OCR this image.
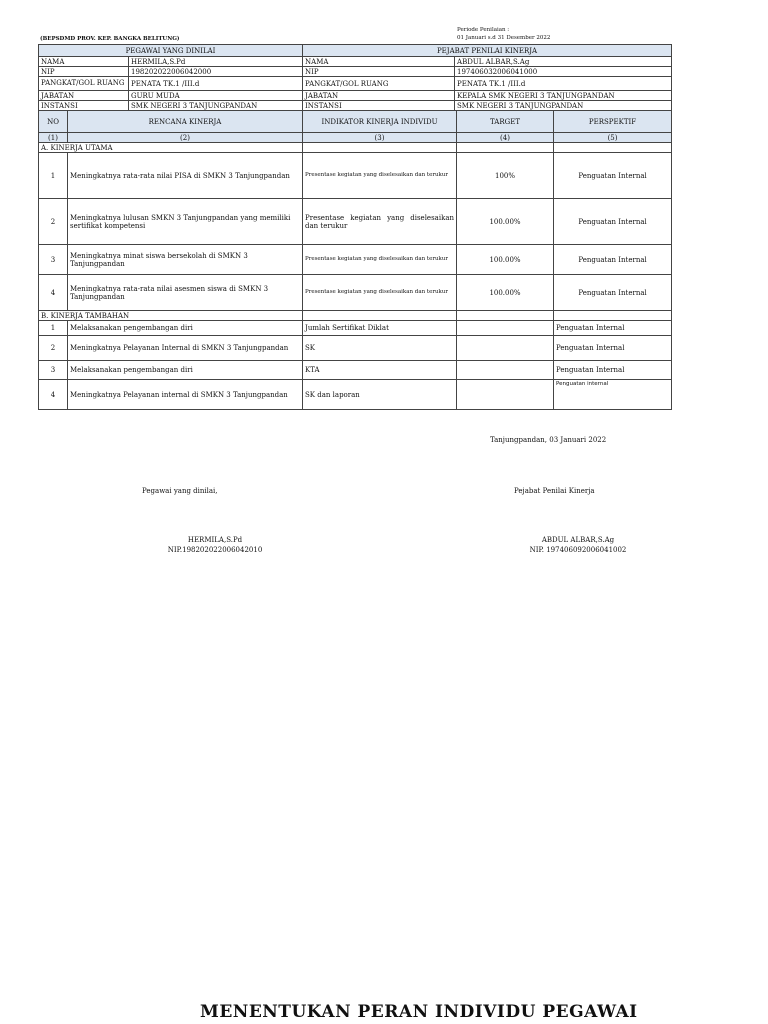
(BEPSDMD PROV. KEP. BANGKA BELITUNG)
Periode Penilaian :
01 Januari s.d 31 Desember 2022
PEGAWAI YANG DINILAI			PEJABAT PENILAI KINERJA			
NAMA		HERMILA,S.Pd	NAMA	ABDUL ALBAR,S.Ag		
NIP		198202022006042000	NIP	197406032006041000		
PANGKAT/GOL RUANG		PENATA TK.1 /III.d	PANGKAT/GOL RUANG	PENATA TK.1 /III.d		
JABATAN		GURU MUDA	JABATAN	KEPALA SMK NEGERI 3 TANJUNGPANDAN		
INSTANSI		SMK NEGERI 3 TANJUNGPANDAN	INSTANSI	SMK NEGERI 3 TANJUNGPANDAN		
NO	RENCANA KINERJA		INDIKATOR KINERJA INDIVIDU		TARGET	PERSPEKTIF
(1)	(2)		(3)		(4)	(5)
A. KINERJA UTAMA						
1	Meningkatnya rata-rata nilai PISA di SMKN 3 Tanjungpandan		Presentase kegiatan yang diselesaikan dan terukur		100%	Penguatan Internal
2	Meningkatnya lulusan SMKN 3 Tanjungpandan yang memiliki sertifikat kompetensi		Presentase kegiatan yang diselesaikan dan terukur		100.00%	Penguatan Internal
3	Meningkatnya minat siswa bersekolah di SMKN 3 Tanjungpandan		Presentase kegiatan yang diselesaikan dan terukur		100.00%	Penguatan Internal
4	Meningkatnya rata-rata nilai asesmen siswa di SMKN 3 Tanjungpandan		Presentase kegiatan yang diselesaikan dan terukur		100.00%	Penguatan Internal
B. KINERJA TAMBAHAN						
1	Melaksanakan pengembangan diri		Jumlah Sertifikat Diklat			Penguatan Internal
2	Meningkatnya Pelayanan Internal di SMKN 3 Tanjungpandan		SK			Penguatan Internal
3	Melaksanakan pengembangan diri		KTA			Penguatan Internal
4	Meningkatnya Pelayanan internal di SMKN 3 Tanjungpandan		SK dan laporan			Penguatan internal
Tanjungpandan, 03 Januari 2022
Pegawai yang dinilai,	Pejabat Penilai Kinerja
HERMILA,S.Pd
NIP.198202022006042010
ABDUL ALBAR,S.Ag
NIP. 197406092006041002
MENENTUKAN PERAN INDIVIDU PEGAWAI
